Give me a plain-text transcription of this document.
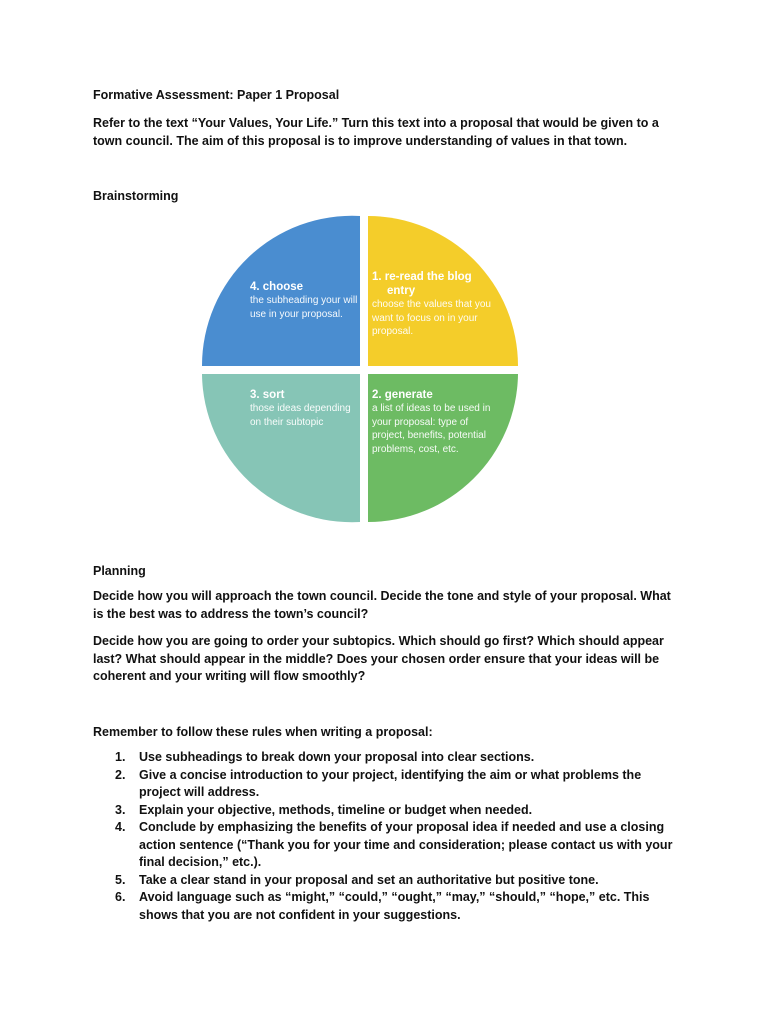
Formative Assessment: Paper 1 Proposal

Refer to the text “Your Values, Your Life.” Turn this text into a proposal that would be given to a town council. The aim of this proposal is to improve understanding of values in that town.

Brainstorming

1. re-read the blog
entry
choose the values that you want to focus on in your proposal.
4. choose
the subheading your will use in your proposal.
3. sort
those ideas depending on their subtopic
2. generate
a list of ideas to be used in your proposal: type of project, benefits, potential problems, cost, etc.

Planning

Decide how you will approach the town council. Decide the tone and style of your proposal. What is the best was to address the town’s council?

Decide how you are going to order your subtopics. Which should go first? Which should appear last? What should appear in the middle? Does your chosen order ensure that your ideas will be coherent and your writing will flow smoothly?

Remember to follow these rules when writing a proposal:

1. Use subheadings to break down your proposal into clear sections.
2. Give a concise introduction to your project, identifying the aim or what problems the project will address.
3. Explain your objective, methods, timeline or budget when needed.
4. Conclude by emphasizing the benefits of your proposal idea if needed and use a closing action sentence (“Thank you for your time and consideration; please contact us with your final decision,” etc.).
5. Take a clear stand in your proposal and set an authoritative but positive tone.
6. Avoid language such as “might,” “could,” “ought,” “may,” “should,” “hope,” etc. This shows that you are not confident in your suggestions.
